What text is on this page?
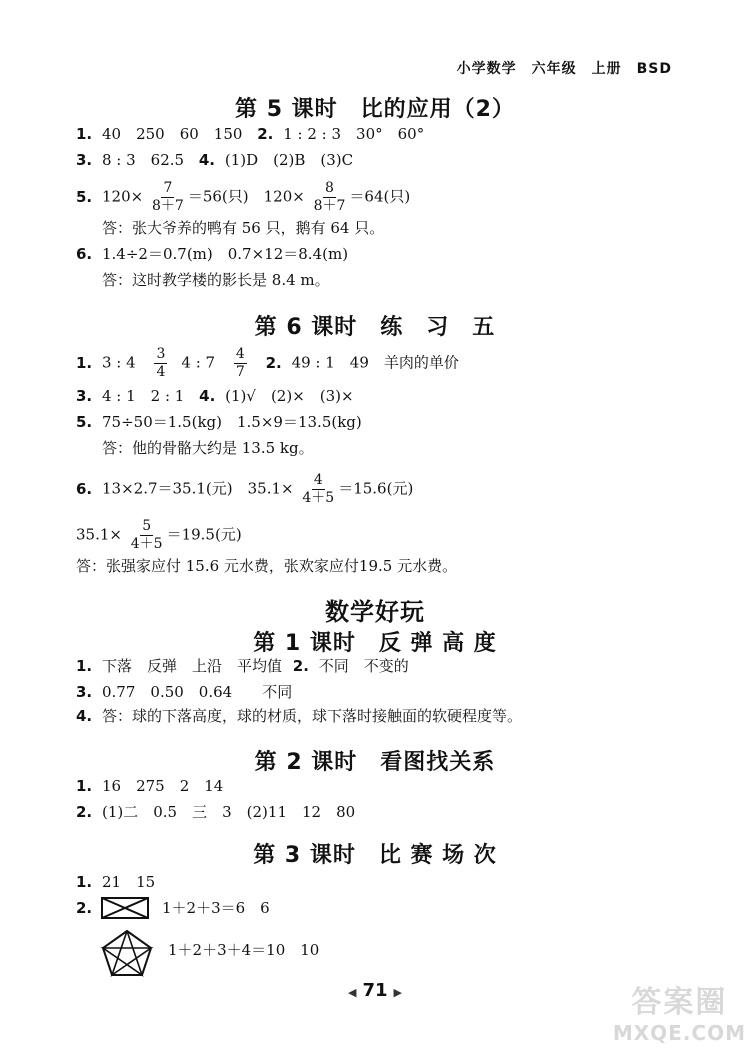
小学数学　六年级　上册　BSD
第 5 课时　比的应用（2）
1. 40　250　60　150 2. 1 : 2 : 3　30°　60°
3. 8 : 3　62.5 4. (1)D　(2)B　(3)C
5. $120\times \frac{7}{8+7} =56$(只)　$120\times \frac{8}{8+7} =64$(只)
答：张大爷养的鸭有 56 只，鹅有 64 只。
6. 1.4÷2＝0.7(m)　0.7×12＝8.4(m)
答：这时教学楼的影长是 8.4 m。
第 6 课时　练　习　五
1. 3 : $4 \frac{3}{4} 4$ : $7 \frac{4}{7} 2$. 49 : 1　49　羊肉的单价
3. 4 : 1　2 : 1 4. (1)√　(2)×　(3)×
5. 75÷50＝1.5(kg)　1.5×9＝13.5(kg)
答：他的骨骼大约是 13.5 kg。
6. 13×2.7＝35.1(元)　$35.1\times \frac{4}{4+5} =15.6$(元)
$35.1\times \frac{5}{4+5} =19.5$(元)
答：张强家应付 15.6 元水费，张欢家应付19.5 元水费。
数学好玩
第 1 课时　反 弹 高 度
1. 下落　反弹　上沿　平均值 2. 不同　不变的
3. 0.77　0.50　0.64　　不同
4. 答：球的下落高度，球的材质，球下落时接触面的软硬程度等。
第 2 课时　看图找关系
1. 16　275　2　14
2. (1)二　0.5　三　3　(2)11　12　80
第 3 课时　比 赛 场 次
1. 21　15
2.	1＋2＋3＝6　6
1＋2＋3＋4＝10　10
◀ 71 ▶	答案圈
MXQE.COM
